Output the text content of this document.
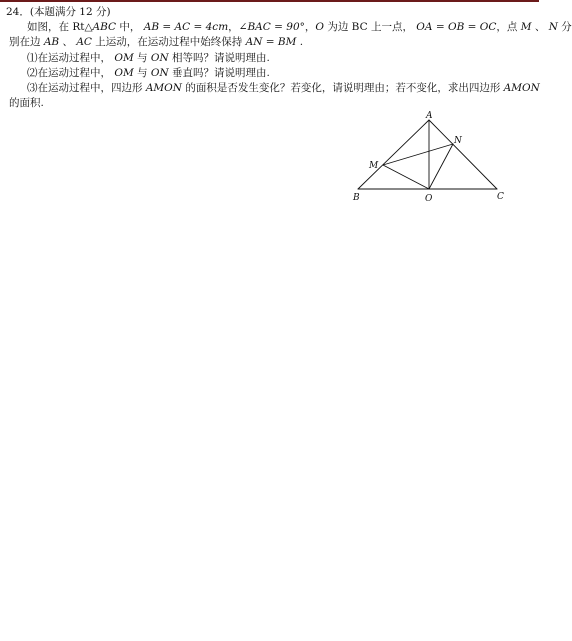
24．(本题满分 12 分)
如图，在 Rt△ABC 中， AB = AC = 4cm，∠BAC = 90°，O 为边 BC 上一点， OA = OB = OC，点 M 、 N 分
别在边 AB 、 AC 上运动，在运动过程中始终保持 AN = BM .
⑴在运动过程中， OM 与 ON 相等吗？请说明理由.
⑵在运动过程中， OM 与 ON 垂直吗？请说明理由.
⑶在运动过程中，四边形 AMON 的面积是否发生变化？若变化，请说明理由；若不变化，求出四边形 AMON
的面积.
A
B	C
O
M
N
